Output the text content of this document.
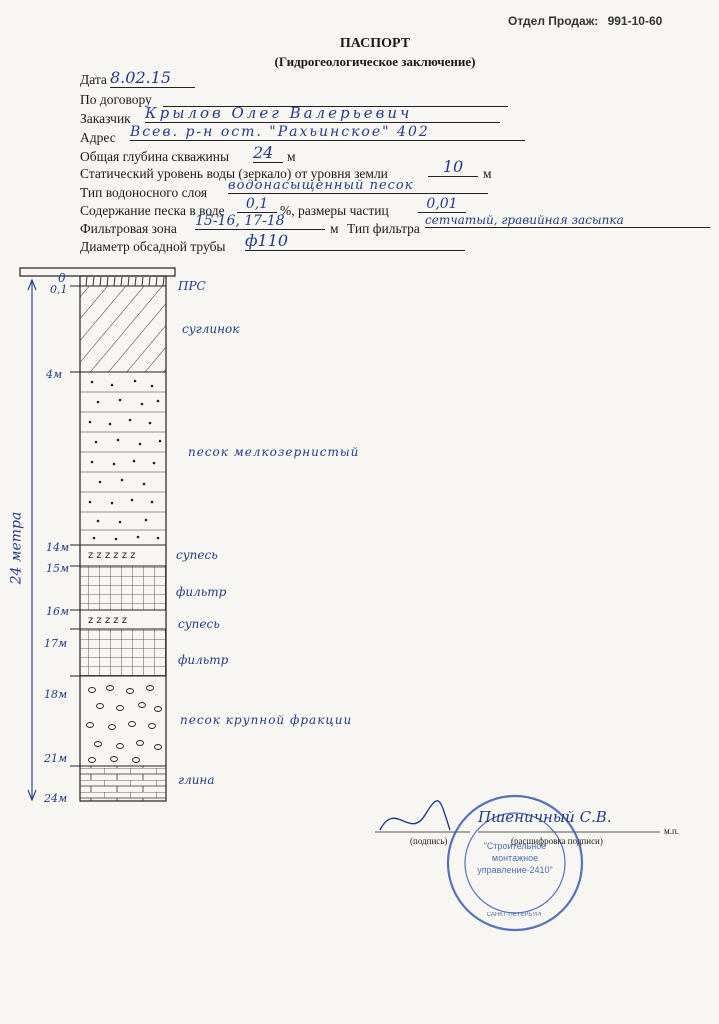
Отдел Продаж: 991-10-60
ПАСПОРТ
(Гидрогеологическое заключение)
Дата 8.02.15
По договору
Заказчик Крылов Олег Валерьевич
Адрес Всев. р-н ост. "Рахьинское" 402
Общая глубина скважины 24	м
Статический уровень воды (зеркало) от уровня земли	10	м
Тип водоносного слоя водонасыщенный песок
Содержание песка в воде	0,1 %, размеры частиц	0,01
Фильтровая зона 15-16, 17-18	м Тип фильтра
сетчатый, гравийная засыпка
Диаметр обсадной трубы ф110
z z z z z z
z z z z z
0
24 метра
0,1
4м
14м
15м
16м
17м
18м
21м
24м
ПРС
суглинок
песок мелкозернистый
супесь
фильтр
супесь
фильтр
песок крупной фракции
глина
Пшеничный С.В.
(подпись)	(расшифровка подписи)
м.п.
"Строительное
монтажное
управление-2410"
САНКТ-ПЕТЕРБУРГ
